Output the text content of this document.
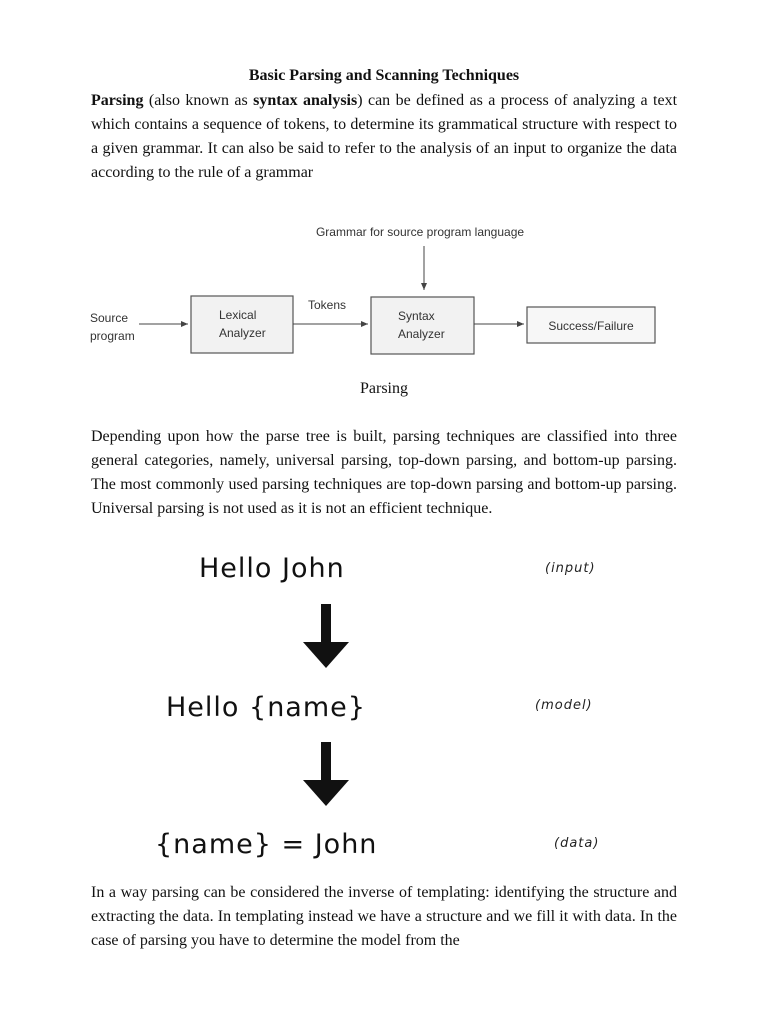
Basic Parsing and Scanning Techniques
Parsing (also known as syntax analysis) can be defined as a process of analyzing a text which contains a sequence of tokens, to determine its grammatical structure with respect to a given grammar. It can also be said to refer to the analysis of an input to organize the data according to the rule of a grammar
Grammar for source program language
Source
program
Lexical
Analyzer
Tokens
Syntax
Analyzer
Success/Failure
Hello John	(input)
Hello {name}	(model)
{name} = John	(data)
Parsing
Depending upon how the parse tree is built, parsing techniques are classified into three general categories, namely, universal parsing, top-down parsing, and bottom-up parsing. The most commonly used parsing techniques are top-down parsing and bottom-up parsing. Universal parsing is not used as it is not an efficient technique.
In a way parsing can be considered the inverse of templating: identifying the structure and extracting the data. In templating instead we have a structure and we fill it with data. In the case of parsing you have to determine the model from the
